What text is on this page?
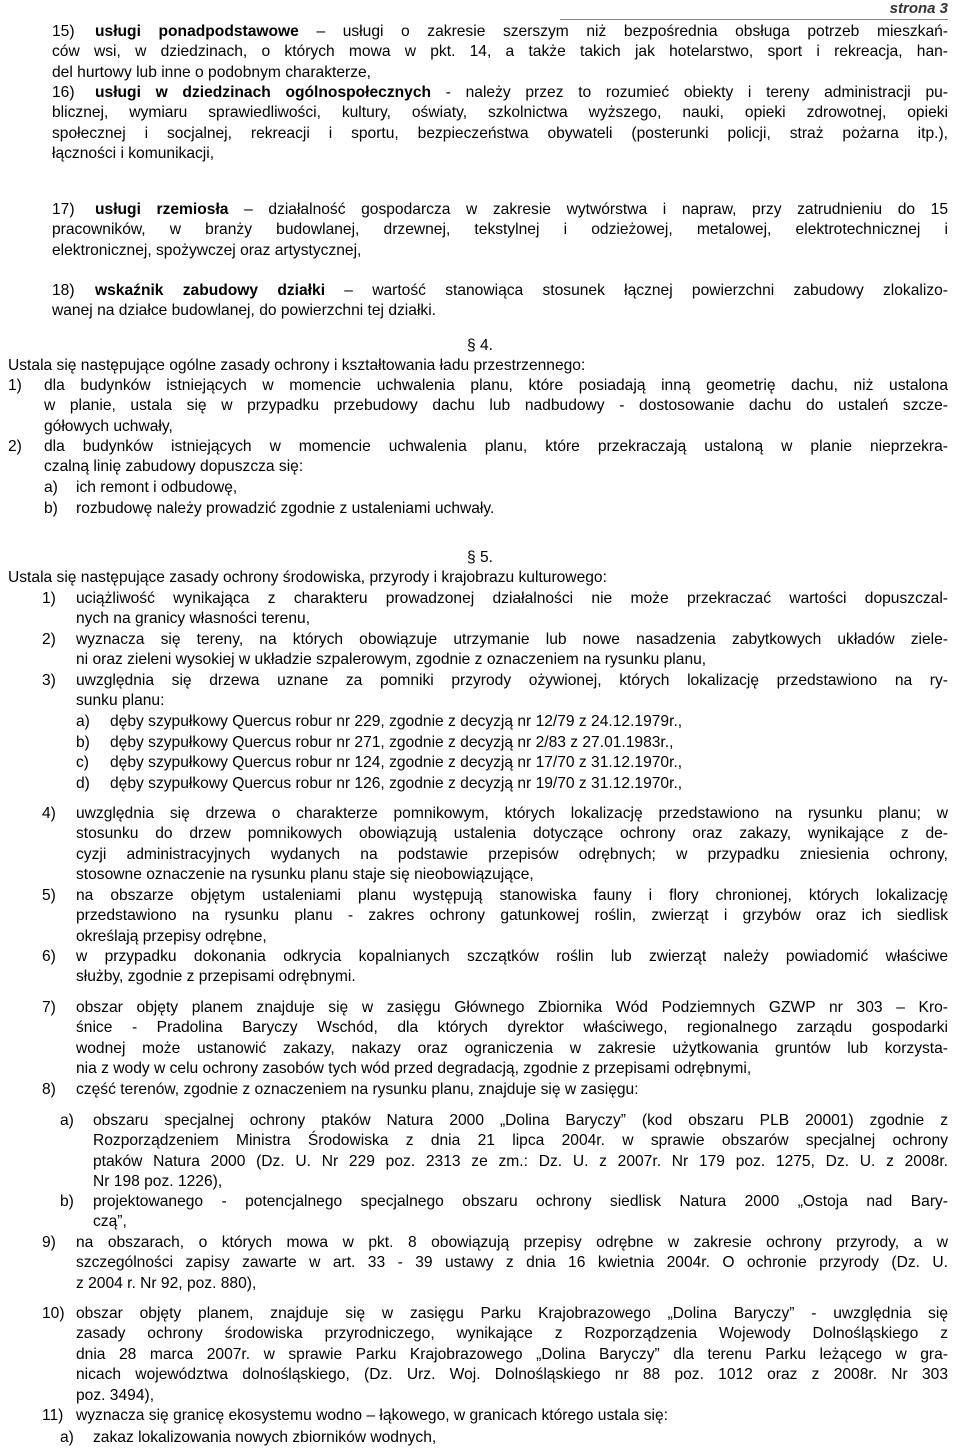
strona 3
15)	usługi ponadpodstawowe – usługi o zakresie szerszym niż bezpośrednia obsługa potrzeb mieszkań-
ców wsi, w dziedzinach, o których mowa w pkt. 14, a także takich jak hotelarstwo, sport i rekreacja, han-
del hurtowy lub inne o podobnym charakterze,
16)	usługi w dziedzinach ogólnospołecznych - należy przez to rozumieć obiekty i tereny administracji pu-
blicznej, wymiaru sprawiedliwości, kultury, oświaty, szkolnictwa wyższego, nauki, opieki zdrowotnej, opieki
społecznej i socjalnej, rekreacji i sportu, bezpieczeństwa obywateli (posterunki policji, straż pożarna itp.),
łączności i komunikacji,
17)	usługi rzemiosła – działalność gospodarcza w zakresie wytwórstwa i napraw, przy zatrudnieniu do 15
pracowników, w branży budowlanej, drzewnej, tekstylnej i odzieżowej, metalowej, elektrotechnicznej i
elektronicznej, spożywczej oraz artystycznej,
18)	wskaźnik zabudowy działki – wartość stanowiąca stosunek łącznej powierzchni zabudowy zlokalizo-
wanej na działce budowlanej, do powierzchni tej działki.
§ 4.
Ustala się następujące ogólne zasady ochrony i kształtowania ładu przestrzennego:
1) dla budynków istniejących w momencie uchwalenia planu, które posiadają inną geometrię dachu, niż ustalona
w planie, ustala się w przypadku przebudowy dachu lub nadbudowy - dostosowanie dachu do ustaleń szcze-
gółowych uchwały,
2) dla budynków istniejących w momencie uchwalenia planu, które przekraczają ustaloną w planie nieprzekra-
czalną linię zabudowy dopuszcza się:
a) ich remont i odbudowę,
b) rozbudowę należy prowadzić zgodnie z ustaleniami uchwały.
§ 5.
Ustala się następujące zasady ochrony środowiska, przyrody i krajobrazu kulturowego:
1) uciążliwość wynikająca z charakteru prowadzonej działalności nie może przekraczać wartości dopuszczal-
nych na granicy własności terenu,
2) wyznacza się tereny, na których obowiązuje utrzymanie lub nowe nasadzenia zabytkowych układów ziele-
ni oraz zieleni wysokiej w układzie szpalerowym, zgodnie z oznaczeniem na rysunku planu,
3) uwzględnia się drzewa uznane za pomniki przyrody ożywionej, których lokalizację przedstawiono na ry-
sunku planu:
a) dęby szypułkowy Quercus robur nr 229, zgodnie z decyzją nr 12/79 z 24.12.1979r.,
b) dęby szypułkowy Quercus robur nr 271, zgodnie z decyzją nr 2/83 z 27.01.1983r.,
c) dęby szypułkowy Quercus robur nr 124, zgodnie z decyzją nr 17/70 z 31.12.1970r.,
d) dęby szypułkowy Quercus robur nr 126, zgodnie z decyzją nr 19/70 z 31.12.1970r.,
4) uwzględnia się drzewa o charakterze pomnikowym, których lokalizację przedstawiono na rysunku planu; w
stosunku do drzew pomnikowych obowiązują ustalenia dotyczące ochrony oraz zakazy, wynikające z de-
cyzji administracyjnych wydanych na podstawie przepisów odrębnych; w przypadku zniesienia ochrony,
stosowne oznaczenie na rysunku planu staje się nieobowiązujące,
5) na obszarze objętym ustaleniami planu występują stanowiska fauny i flory chronionej, których lokalizację
przedstawiono na rysunku planu - zakres ochrony gatunkowej roślin, zwierząt i grzybów oraz ich siedlisk
określają przepisy odrębne,
6) w przypadku dokonania odkrycia kopalnianych szczątków roślin lub zwierząt należy powiadomić właściwe
służby, zgodnie z przepisami odrębnymi.
7) obszar objęty planem znajduje się w zasięgu Głównego Zbiornika Wód Podziemnych GZWP nr 303 – Kro-
śnice - Pradolina Baryczy Wschód, dla których dyrektor właściwego, regionalnego zarządu gospodarki
wodnej może ustanowić zakazy, nakazy oraz ograniczenia w zakresie użytkowania gruntów lub korzysta-
nia z wody w celu ochrony zasobów tych wód przed degradacją, zgodnie z przepisami odrębnymi,
8) część terenów, zgodnie z oznaczeniem na rysunku planu, znajduje się w zasięgu:
a) obszaru specjalnej ochrony ptaków Natura 2000 „Dolina Baryczy” (kod obszaru PLB 20001) zgodnie z
Rozporządzeniem Ministra Środowiska z dnia 21 lipca 2004r. w sprawie obszarów specjalnej ochrony
ptaków Natura 2000 (Dz. U. Nr 229 poz. 2313 ze zm.: Dz. U. z 2007r. Nr 179 poz. 1275, Dz. U. z 2008r.
Nr 198 poz. 1226),
b) projektowanego - potencjalnego specjalnego obszaru ochrony siedlisk Natura 2000 „Ostoja nad Bary-
czą”,
9) na obszarach, o których mowa w pkt. 8 obowiązują przepisy odrębne w zakresie ochrony przyrody, a w
szczególności zapisy zawarte w art. 33 - 39 ustawy z dnia 16 kwietnia 2004r. O ochronie przyrody (Dz. U.
z 2004 r. Nr 92, poz. 880),
10) obszar objęty planem, znajduje się w zasięgu Parku Krajobrazowego „Dolina Baryczy” - uwzględnia się
zasady ochrony środowiska przyrodniczego, wynikające z Rozporządzenia Wojewody Dolnośląskiego z
dnia 28 marca 2007r. w sprawie Parku Krajobrazowego „Dolina Baryczy” dla terenu Parku leżącego w gra-
nicach województwa dolnośląskiego, (Dz. Urz. Woj. Dolnośląskiego nr 88 poz. 1012 oraz z 2008r. Nr 303
poz. 3494),
11) wyznacza się granicę ekosystemu wodno – łąkowego, w granicach którego ustala się:
a) zakaz lokalizowania nowych zbiorników wodnych,
